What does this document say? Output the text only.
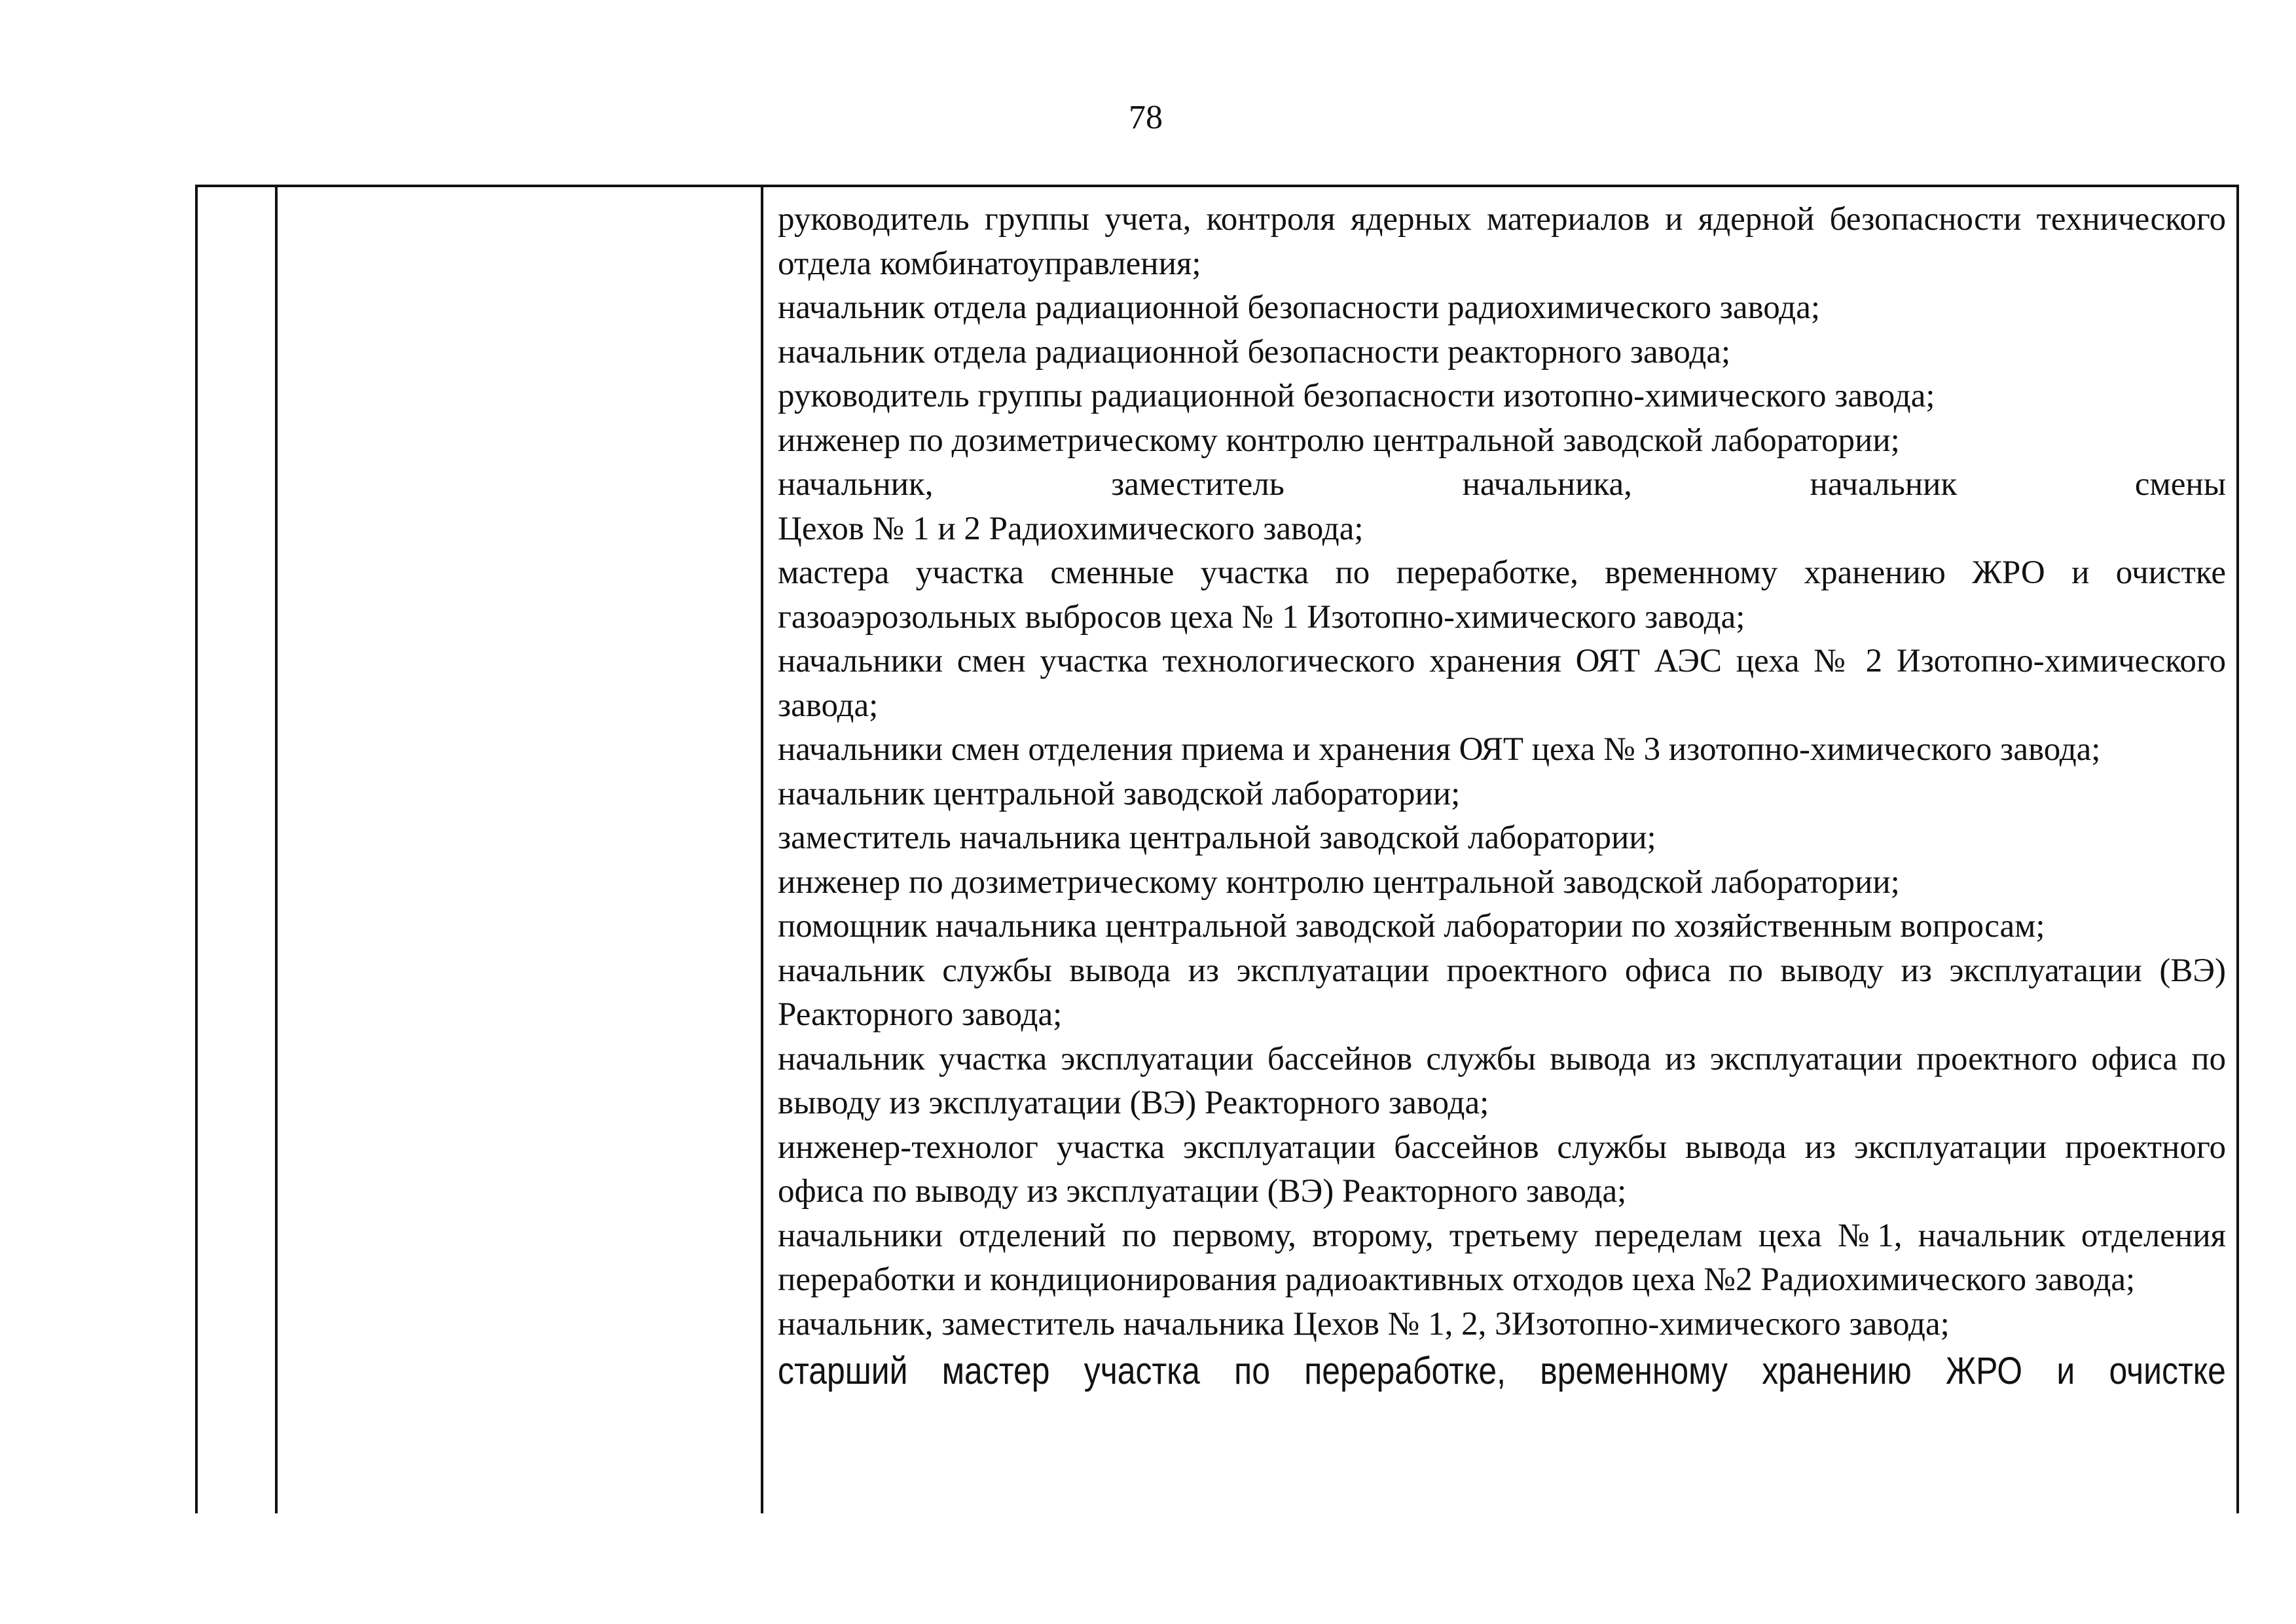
78

руководитель группы учета, контроля ядерных материалов и ядерной безопасности технического отдела комбинатоуправления;

начальник отдела радиационной безопасности радиохимического завода;

начальник отдела радиационной безопасности реакторного завода;

руководитель группы радиационной безопасности изотопно-химического завода;

инженер по дозиметрическому контролю центральной заводской лаборатории;

начальник, заместитель начальника, начальник смены

Цехов № 1 и 2 Радиохимического завода;

мастера участка сменные участка по переработке, временному хранению ЖРО и очистке газоаэрозольных выбросов цеха № 1 Изотопно-химического завода;

начальники смен участка технологического хранения ОЯТ АЭС цеха № 2 Изотопно-химического завода;

начальники смен отделения приема и хранения ОЯТ цеха № 3 изотопно-химического завода;

начальник центральной заводской лаборатории;

заместитель начальника центральной заводской лаборатории;

инженер по дозиметрическому контролю центральной заводской лаборатории;

помощник начальника центральной заводской лаборатории по хозяйственным вопросам;

начальник службы вывода из эксплуатации проектного офиса по выводу из эксплуатации (ВЭ) Реакторного завода;

начальник участка эксплуатации бассейнов службы вывода из эксплуатации проектного офиса по выводу из эксплуатации (ВЭ) Реакторного завода;

инженер-технолог участка эксплуатации бассейнов службы вывода из эксплуатации проектного офиса по выводу из эксплуатации (ВЭ) Реакторного завода;

начальники отделений по первому, второму, третьему переделам цеха №1, начальник отделения переработки и кондиционирования радиоактивных отходов цеха №2 Радиохимического завода;

начальник, заместитель начальника Цехов № 1, 2, 3Изотопно-химического завода;

старший мастер участка по переработке, временному хранению ЖРО и очистке
